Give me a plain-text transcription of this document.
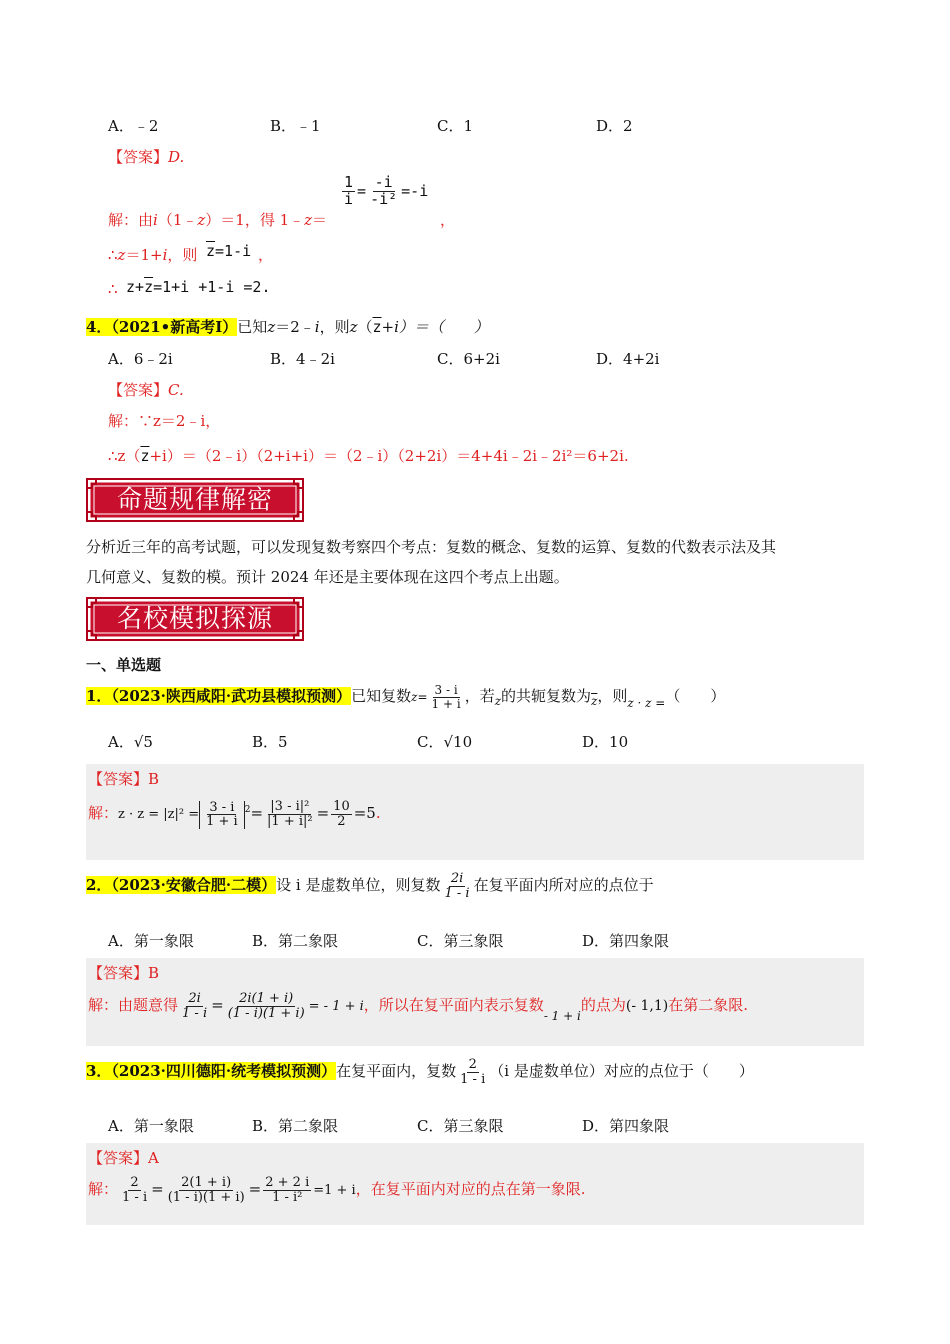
A．﹣2	B．﹣1	C．1	D．2
【答案】D.
解：由i（1﹣z）＝1，得 1﹣z＝
$\frac{1}{i} = \frac{-i}{\text{-i²}} =-i$
，
∴z＝1+i，则 $\overline{z}=1-i$ ，
∴ $z+\overline{z}=1+i +1-i =2$.
4．（2021•新高考Ⅰ）已知z＝2﹣i，则$z(\overline{z}+i)=$（　　）
A．6﹣2i	B．4﹣2i	C．6+2i	D．4+2i
【答案】C.
解：∵z＝2﹣i，
$\therefore z(\overline{z}+i)=(2﹣i)(2+i+i)=(2﹣i)(2+2i)=4+4i﹣2i﹣2i^2=6+2i$.
命题规律解密
分析近三年的高考试题，可以发现复数考察四个考点：复数的概念、复数的运算、复数的代数表示法及其
几何意义、复数的模。预计 2024 年还是主要体现在这四个考点上出题。
名校模拟探源
一、单选题
1．（2023·陕西咸阳·武功县模拟预测）已知复数$z= \frac{3 - i}{1 + i}$ ，若$_z$的共轭复数为$_{\overline{z}}$，则$_{z \cdot z =}$（　　）
A．√5	B．5	C．√10	D．10
【答案】B
解：$z \cdot z = |z|^2 = \frac{3 - i}{1 + i} ^2= \frac{\text{|3 - i|²}}{\text{|1 + i|²}} = \frac{10}{2} =5$.
2．（2023·安徽合肥·二模）设 i 是虚数单位，则复数 $\frac{2i}{1 - i}$ 在复平面内所对应的点位于
A．第一象限	B．第二象限	C．第三象限	D．第四象限
【答案】B
解：由题意得 $\frac{2i}{1 - i} = \frac{2i(1 + i)}{(1 - i)(1 + i)}$ = - 1 + i，所以在复平面内表示复数$_{- 1 + i}$的点为(- 1,1)在第二象限.
3．（2023·四川德阳·统考模拟预测）在复平面内，复数 $\frac{2}{1 - i} (i$ 是虚数单位）对应的点位于（　　）
A．第一象限	B．第二象限	C．第三象限	D．第四象限
【答案】A
解： $\frac{2}{1 - i} = \frac{2(1 + i)}{(1 - i)(1 + i)} = \frac{2 + 2 i}{\text{1 - i²}} =1 + i$，在复平面内对应的点在第一象限.
